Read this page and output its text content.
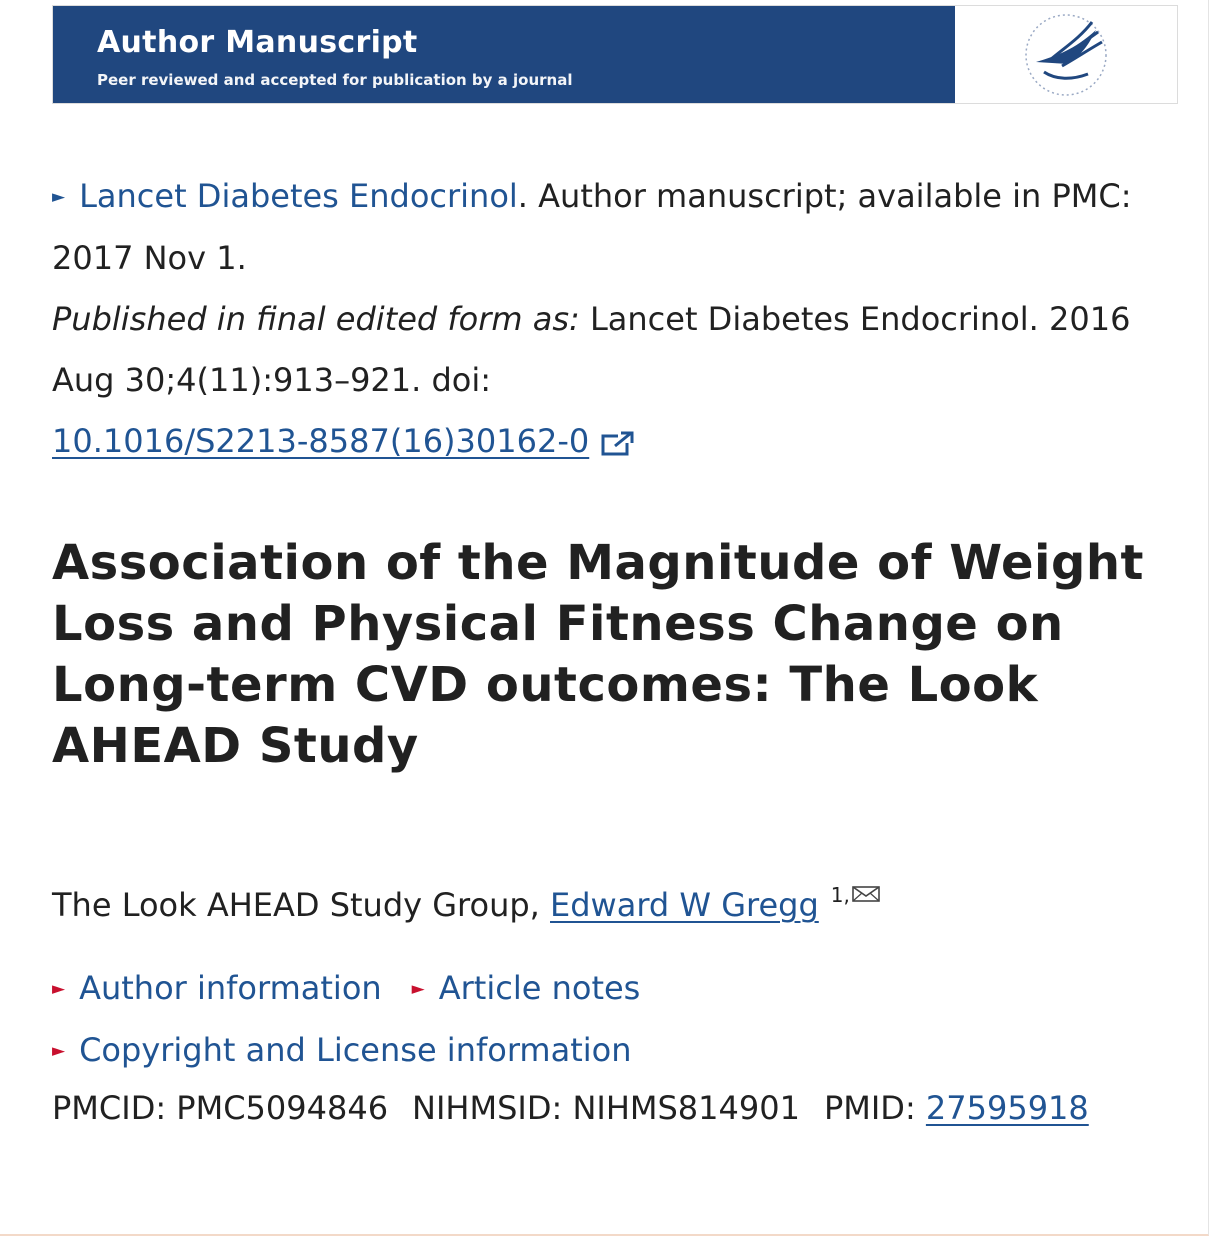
Author Manuscript
Peer reviewed and accepted for publication by a journal
► Lancet Diabetes Endocrinol. Author manuscript; available in PMC: 2017 Nov 1.
Published in final edited form as: Lancet Diabetes Endocrinol. 2016 Aug 30;4(11):913–921. doi:
10.1016/S2213-8587(16)30162-0
Association of the Magnitude of Weight Loss and Physical Fitness Change on Long-term CVD outcomes: The Look AHEAD Study
The Look AHEAD Study Group, Edward W Gregg $^{1,}$
► Author information ► Article notes
► Copyright and License information
PMCID: PMC5094846 NIHMSID: NIHMS814901 PMID: 27595918
